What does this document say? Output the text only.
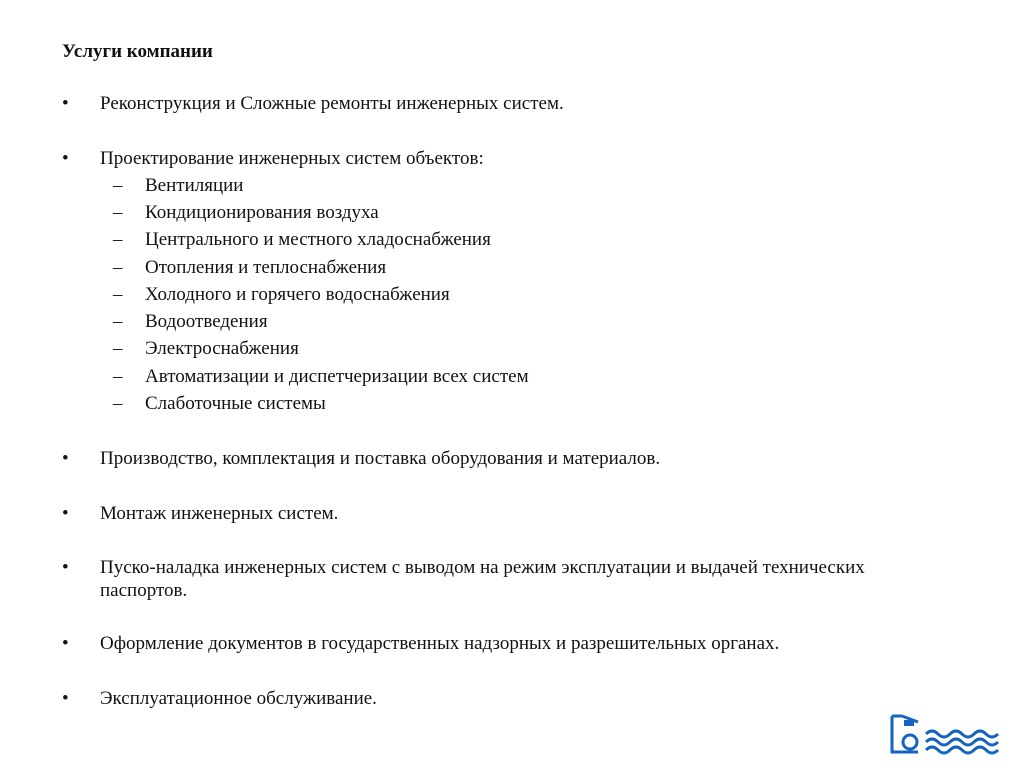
Услуги компании
•	Реконструкция и Сложные ремонты инженерных систем.
•	Проектирование инженерных систем объектов:
– Вентиляции
– Кондиционирования воздуха
– Центрального и местного хладоснабжения
– Отопления и теплоснабжения
– Холодного и горячего водоснабжения
– Водоотведения
– Электроснабжения
– Автоматизации и диспетчеризации всех систем
– Слаботочные системы
•	Производство, комплектация и поставка оборудования и материалов.
•	Монтаж инженерных систем.
•	Пуско-наладка инженерных систем с выводом на режим эксплуатации и выдачей технических паспортов.
•	Оформление документов в государственных надзорных и разрешительных органах.
•	Эксплуатационное обслуживание.
